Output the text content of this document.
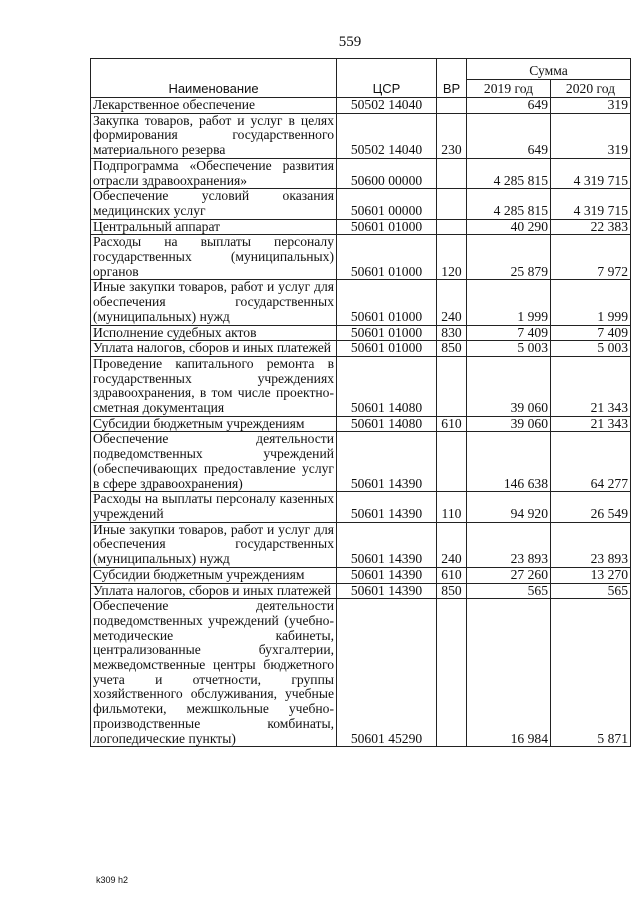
559
Наименование	ЦСР	ВР	Сумма	
			2019 год	2020 год
Лекарственное обеспечение	50502 14040		649	319
Закупка товаров, работ и услуг в целях формирования государственного материального резерва	50502 14040	230	649	319
Подпрограмма «Обеспечение развития отрасли здравоохранения»	50600 00000		4 285 815	4 319 715
Обеспечение условий оказания медицинских услуг	50601 00000		4 285 815	4 319 715
Центральный аппарат	50601 01000		40 290	22 383
Расходы на выплаты персоналу государственных (муниципальных) органов	50601 01000	120	25 879	7 972
Иные закупки товаров, работ и услуг для обеспечения государственных (муниципальных) нужд	50601 01000	240	1 999	1 999
Исполнение судебных актов	50601 01000	830	7 409	7 409
Уплата налогов, сборов и иных платежей	50601 01000	850	5 003	5 003
Проведение капитального ремонта в государственных учреждениях здравоохранения, в том числе проектно-сметная документация	50601 14080		39 060	21 343
Субсидии бюджетным учреждениям	50601 14080	610	39 060	21 343
Обеспечение деятельности подведомственных учреждений (обеспечивающих предоставление услуг в сфере здравоохранения)	50601 14390		146 638	64 277
Расходы на выплаты персоналу казенных учреждений	50601 14390	110	94 920	26 549
Иные закупки товаров, работ и услуг для обеспечения государственных (муниципальных) нужд	50601 14390	240	23 893	23 893
Субсидии бюджетным учреждениям	50601 14390	610	27 260	13 270
Уплата налогов, сборов и иных платежей	50601 14390	850	565	565
Обеспечение деятельности подведомственных учреждений (учебно-методические кабинеты, централизованные бухгалтерии, межведомственные центры бюджетного учета и отчетности, группы хозяйственного обслуживания, учебные фильмотеки, межшкольные учебно-производственные комбинаты, логопедические пункты)	50601 45290		16 984	5 871
k309 h2
